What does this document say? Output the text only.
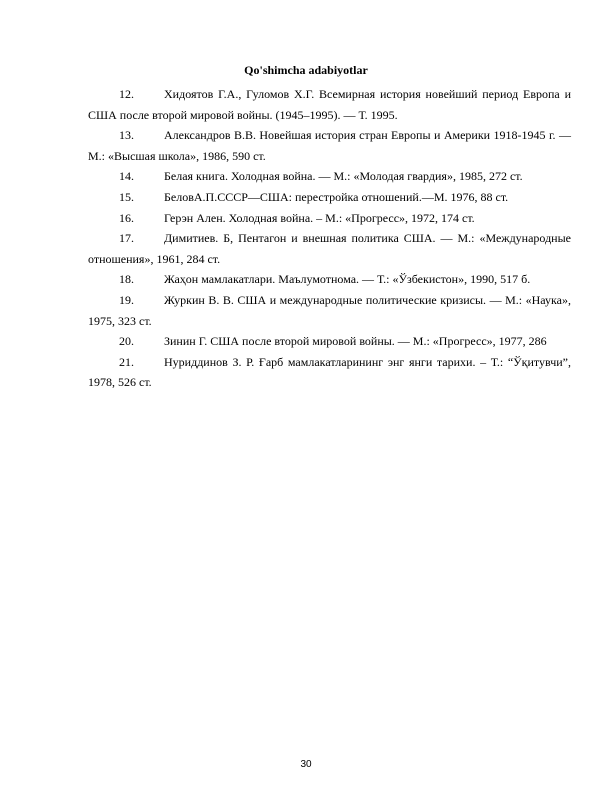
Qo'shimcha adabiyotlar

12.	Хидоятов Г.А., Гуломов Х.Г. Всемирная история новейший период Европа и США после второй мировой войны. (1945–1995). — Т. 1995.

13.	Александров В.В. Новейшая история стран Европы и Америки 1918-1945 г. — М.: «Высшая школа», 1986, 590 ст.

14.	Белая книга. Холодная война. — М.: «Молодая гвардия», 1985, 272 ст.

15.	БеловА.П.СССР—США: перестройка отношений.—М. 1976, 88 ст.

16.	Герэн Ален. Холодная война. – М.: «Прогресс», 1972, 174 ст.

17.	Димитиев. Б, Пентагон и внешная политика США. — М.: «Международные отношения», 1961, 284 ст.

18.	Жаҳон мамлакатлари. Маълумотнома. — Т.: «Ўзбекистон», 1990, 517 б.

19.	Журкин В. В. США и международные политические кризисы. — М.: «Наука», 1975, 323 ст.

20.	Зинин Г. США после второй мировой войны. — М.: «Прогресс», 1977, 286

21.	Нуриддинов З. Р. Ғарб мамлакатларининг энг янги тарихи. – Т.: “Ўқитувчи”, 1978, 526 ст.

30
